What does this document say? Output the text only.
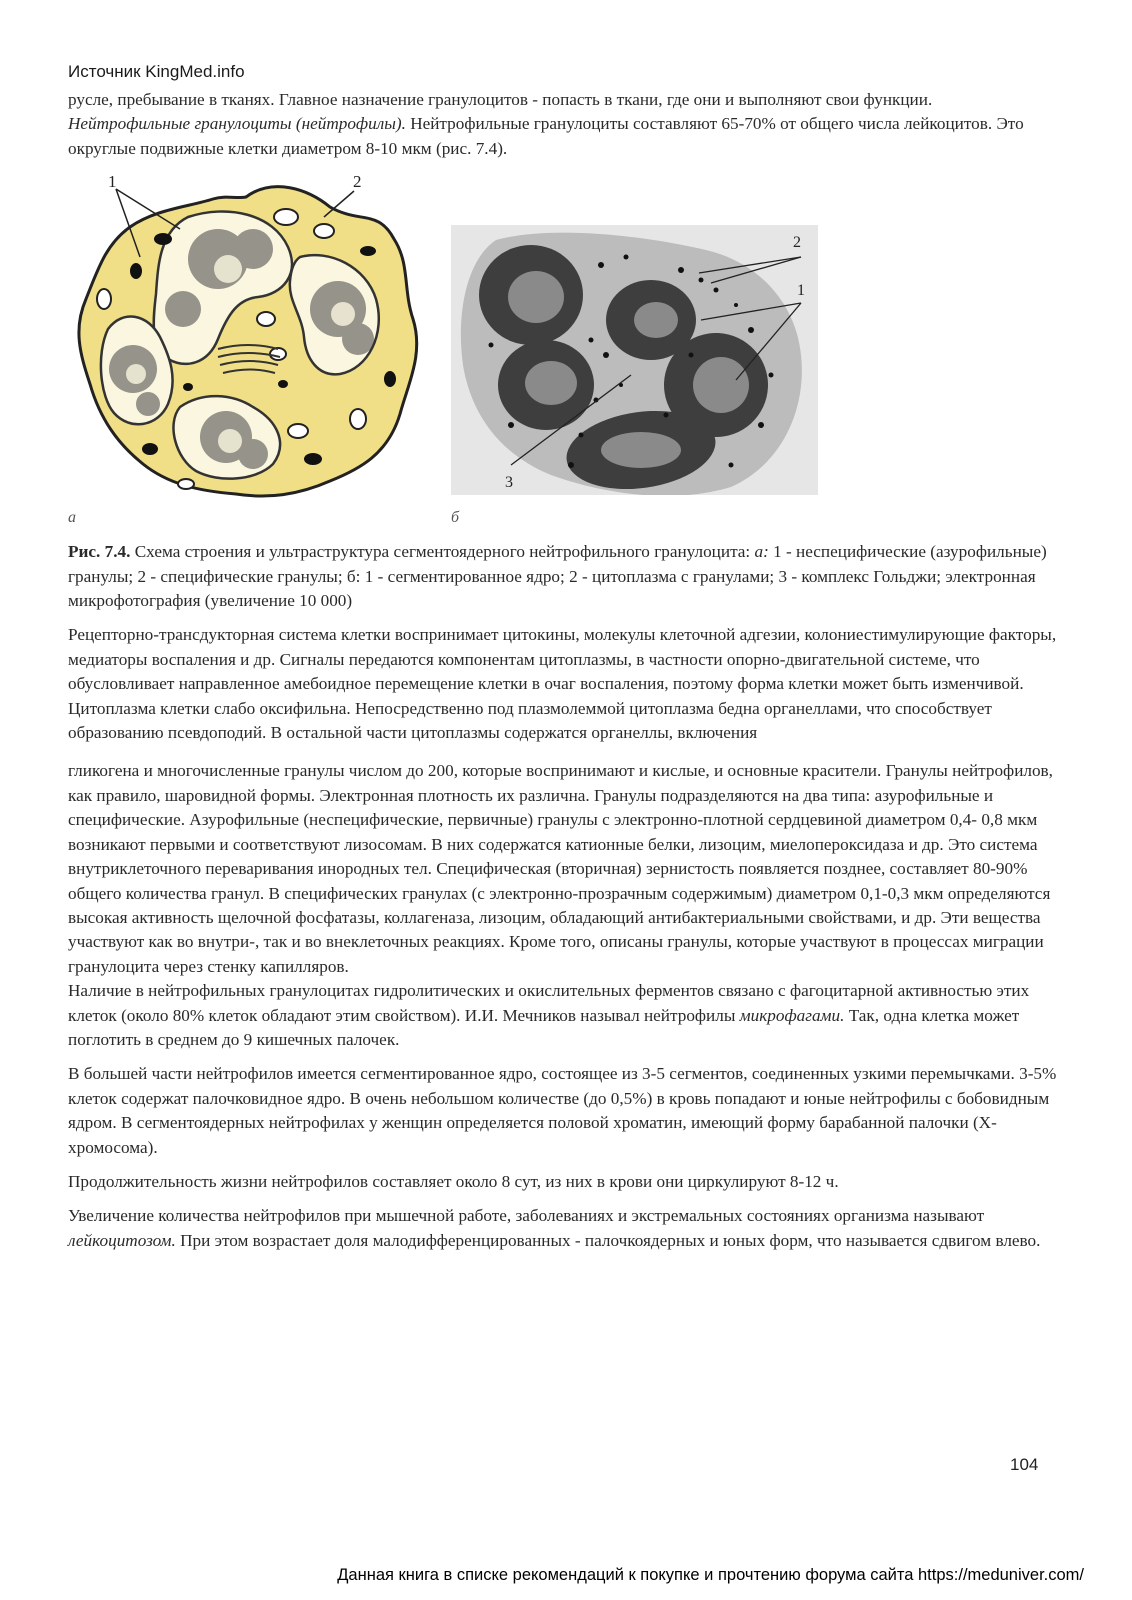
Источник KingMed.info

русле, пребывание в тканях. Главное назначение гранулоцитов - попасть в ткани, где они и выполняют свои функции.

Нейтрофильные гранулоциты (нейтрофилы). Нейтрофильные гранулоциты составляют 65-70% от общего числа лейкоцитов. Это округлые подвижные клетки диаметром 8-10 мкм (рис. 7.4).

1	2
а
2
1
3
б

Рис. 7.4. Схема строения и ультраструктура сегментоядерного нейтрофильного гранулоцита: а: 1 - неспецифические (азурофильные) гранулы; 2 - специфические гранулы; б: 1 - сегментированное ядро; 2 - цитоплазма с гранулами; 3 - комплекс Гольджи; электронная микрофотография (увеличение 10 000)

Рецепторно-трансдукторная система клетки воспринимает цитокины, молекулы клеточной адгезии, колониестимулирующие факторы, медиаторы воспаления и др. Сигналы передаются компонентам цитоплазмы, в частности опорно-двигательной системе, что обусловливает направленное амебоидное перемещение клетки в очаг воспаления, поэтому форма клетки может быть изменчивой. Цитоплазма клетки слабо оксифильна. Непосредственно под плазмолеммой цитоплазма бедна органеллами, что способствует образованию псевдоподий. В остальной части цитоплазмы содержатся органеллы, включения

гликогена и многочисленные гранулы числом до 200, которые воспринимают и кислые, и основные красители. Гранулы нейтрофилов, как правило, шаровидной формы. Электронная плотность их различна. Гранулы подразделяются на два типа: азурофильные и специфические. Азурофильные (неспецифические, первичные) гранулы с электронно-плотной сердцевиной диаметром 0,4- 0,8 мкм возникают первыми и соответствуют лизосомам. В них содержатся катионные белки, лизоцим, миелопероксидаза и др. Это система внутриклеточного переваривания инородных тел. Специфическая (вторичная) зернистость появляется позднее, составляет 80-90% общего количества гранул. В специфических гранулах (с электронно-прозрачным содержимым) диаметром 0,1-0,3 мкм определяются высокая активность щелочной фосфатазы, коллагеназа, лизоцим, обладающий антибактериальными свойствами, и др. Эти вещества участвуют как во внутри-, так и во внеклеточных реакциях. Кроме того, описаны гранулы, которые участвуют в процессах миграции гранулоцита через стенку капилляров.

Наличие в нейтрофильных гранулоцитах гидролитических и окислительных ферментов связано с фагоцитарной активностью этих клеток (около 80% клеток обладают этим свойством). И.И. Мечников называл нейтрофилы микрофагами. Так, одна клетка может поглотить в среднем до 9 кишечных палочек.

В большей части нейтрофилов имеется сегментированное ядро, состоящее из 3-5 сегментов, соединенных узкими перемычками. 3-5% клеток содержат палочковидное ядро. В очень небольшом количестве (до 0,5%) в кровь попадают и юные нейтрофилы с бобовидным ядром. В сегментоядерных нейтрофилах у женщин определяется половой хроматин, имеющий форму барабанной палочки (Х-хромосома).

Продолжительность жизни нейтрофилов составляет около 8 сут, из них в крови они циркулируют 8-12 ч.

Увеличение количества нейтрофилов при мышечной работе, заболеваниях и экстремальных состояниях организма называют лейкоцитозом. При этом возрастает доля малодифференцированных - палочкоядерных и юных форм, что называется сдвигом влево.

104
Данная книга в списке рекомендаций к покупке и прочтению форума сайта https://meduniver.com/
